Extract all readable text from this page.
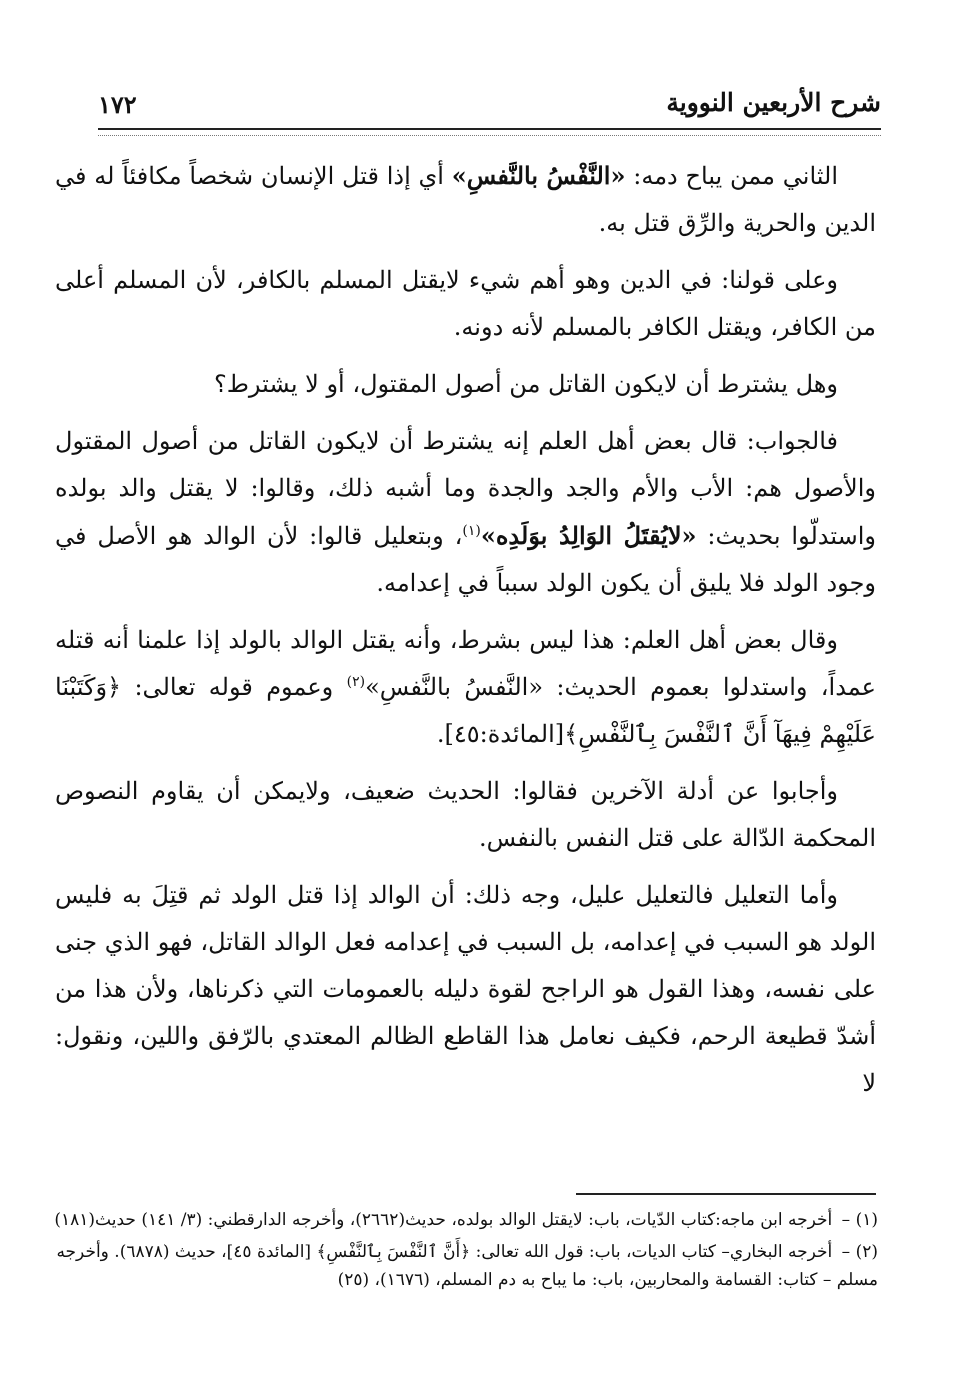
شرح الأربعين النووية
١٧٢

الثاني ممن يباح دمه: «النَّفْسُ بالنَّفسِ» أي إذا قتل الإنسان شخصاً مكافئاً له في الدين والحرية والرِّق قتل به.

وعلى قولنا: في الدين وهو أهم شيء لايقتل المسلم بالكافر، لأن المسلم أعلى من الكافر، ويقتل الكافر بالمسلم لأنه دونه.

وهل يشترط أن لايكون القاتل من أصول المقتول، أو لا يشترط؟

فالجواب: قال بعض أهل العلم إنه يشترط أن لايكون القاتل من أصول المقتول والأصول هم: الأب والأم والجد والجدة وما أشبه ذلك، وقالوا: لا يقتل والد بولده واستدلّوا بحديث: «لايُقتَلُ الوَالِدُ بوَلَدِه»$^{(١)}$، وبتعليل قالوا: لأن الوالد هو الأصل في وجود الولد فلا يليق أن يكون الولد سبباً في إعدامه.

وقال بعض أهل العلم: هذا ليس بشرط، وأنه يقتل الوالد بالولد إذا علمنا أنه قتله عمداً، واستدلوا بعموم الحديث: «النَّفسُ بالنَّفسِ»$^{(٢)}$ وعموم قوله تعالى: ﴿وَكَتَبْنَا عَلَيْهِمْ فِيهَآ أَنَّ ٱلنَّفْسَ بِٱلنَّفْسِ﴾[المائدة:٤٥].

وأجابوا عن أدلة الآخرين فقالوا: الحديث ضعيف، ولايمكن أن يقاوم النصوص المحكمة الدّالة على قتل النفس بالنفس.

وأما التعليل فالتعليل عليل، وجه ذلك: أن الوالد إذا قتل الولد ثم قتِلَ به فليس الولد هو السبب في إعدامه، بل السبب في إعدامه فعل الوالد القاتل، فهو الذي جنى على نفسه، وهذا القول هو الراجح لقوة دليله بالعمومات التي ذكرناها، ولأن هذا من أشدّ قطيعة الرحم، فكيف نعامل هذا القاطع الظالم المعتدي بالرّفق واللين، ونقول: لا

(١) – أخرجه ابن ماجه:كتاب الدّيات، باب: لايقتل الوالد بولده، حديث(٢٦٦٢)، وأخرجه الدارقطني: (٣/ ١٤١) حديث(١٨١)
(٢) – أخرجه البخاري– كتاب الديات، باب: قول الله تعالى: ﴿أَنَّ ٱلنَّفْسَ بِٱلنَّفْسِ﴾ [المائدة ٤٥]، حديث (٦٨٧٨). وأخرجه مسلم – كتاب: القسامة والمحاربين، باب: ما يباح به دم المسلم، (١٦٧٦)، (٢٥)
